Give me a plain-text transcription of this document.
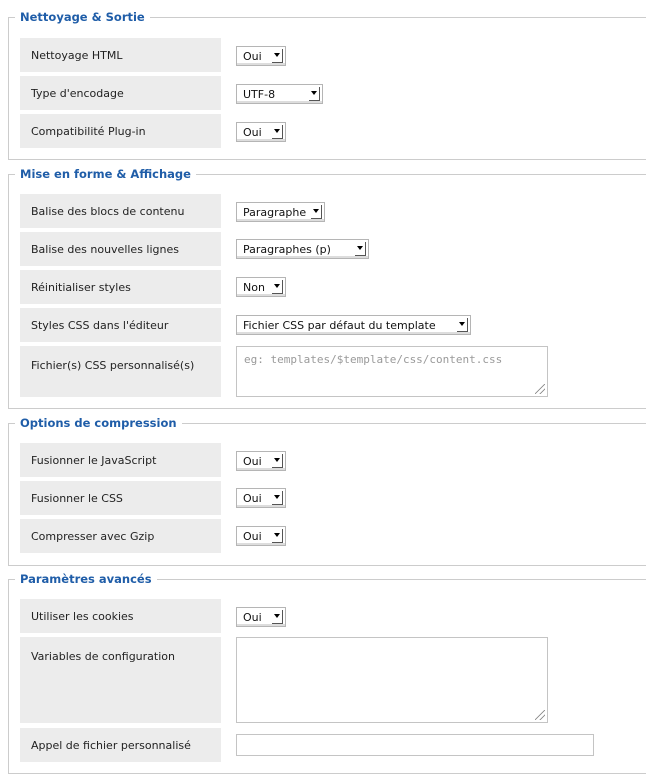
Nettoyage & Sortie
Nettoyage HTML	Oui
Type d'encodage	UTF-8
Compatibilité Plug-in	Oui
Mise en forme & Affichage
Balise des blocs de contenu	Paragraphe
Balise des nouvelles lignes	Paragraphes (p)
Réinitialiser styles	Non
Styles CSS dans l'éditeur	Fichier CSS par défaut du template
Fichier(s) CSS personnalisé(s)	eg: templates/$template/css/content.css
Options de compression
Fusionner le JavaScript	Oui
Fusionner le CSS	Oui
Compresser avec Gzip	Oui
Paramètres avancés
Utiliser les cookies	Oui
Variables de configuration
Appel de fichier personnalisé
